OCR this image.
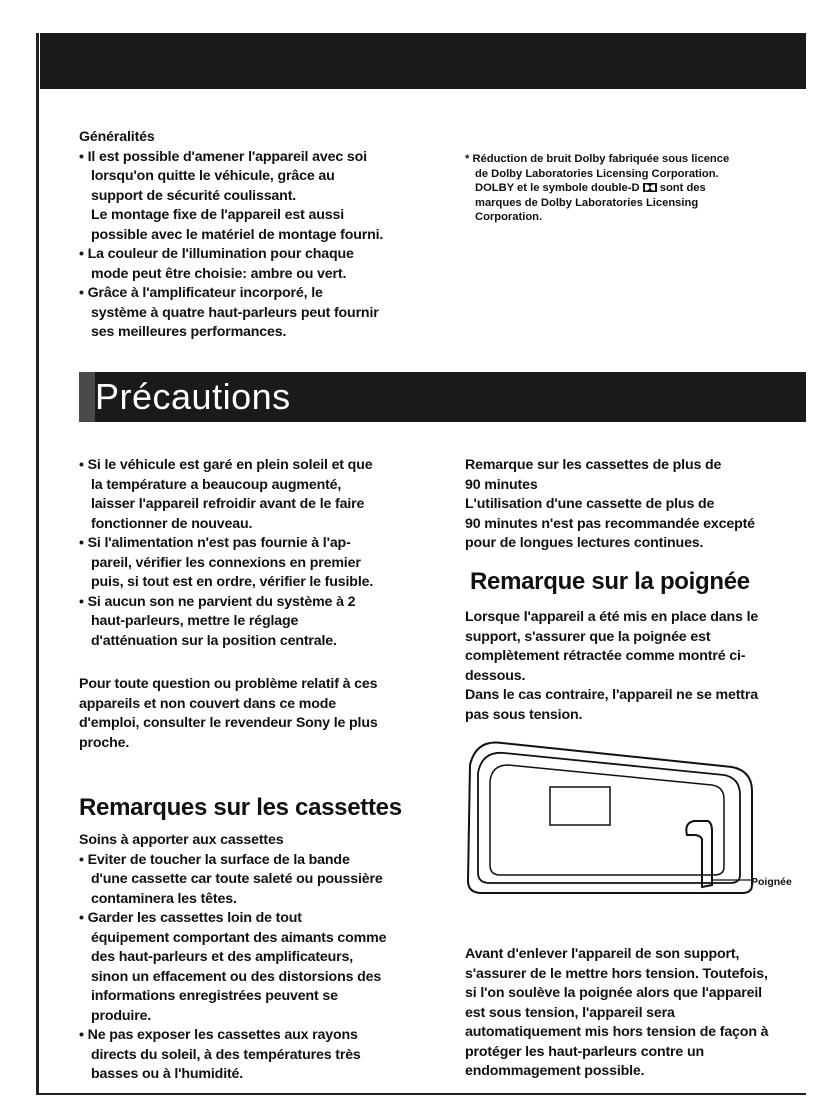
Généralités

• Il est possible d'amener l'appareil avec soi

lorsqu'on quitte le véhicule, grâce au

support de sécurité coulissant.

Le montage fixe de l'appareil est aussi

possible avec le matériel de montage fourni.

• La couleur de l'illumination pour chaque

mode peut être choisie: ambre ou vert.

• Grâce à l'amplificateur incorporé, le

système à quatre haut-parleurs peut fournir

ses meilleures performances.

* Réduction de bruit Dolby fabriquée sous licence
de Dolby Laboratories Licensing Corporation.
DOLBY et le symbole double-D sont des
marques de Dolby Laboratories Licensing
Corporation.
Précautions

• Si le véhicule est garé en plein soleil et que

la température a beaucoup augmenté,

laisser l'appareil refroidir avant de le faire

fonctionner de nouveau.

• Si l'alimentation n'est pas fournie à l'ap-

pareil, vérifier les connexions en premier

puis, si tout est en ordre, vérifier le fusible.

• Si aucun son ne parvient du système à 2

haut-parleurs, mettre le réglage

d'atténuation sur la position centrale.

Pour toute question ou problème relatif à ces

appareils et non couvert dans ce mode

d'emploi, consulter le revendeur Sony le plus

proche.

Remarques sur les cassettes

Soins à apporter aux cassettes

• Eviter de toucher la surface de la bande

d'une cassette car toute saleté ou poussière

contaminera les têtes.

• Garder les cassettes loin de tout

équipement comportant des aimants comme

des haut-parleurs et des amplificateurs,

sinon un effacement ou des distorsions des

informations enregistrées peuvent se

produire.

• Ne pas exposer les cassettes aux rayons

directs du soleil, à des températures très

basses ou à l'humidité.

Remarque sur les cassettes de plus de

90 minutes

L'utilisation d'une cassette de plus de

90 minutes n'est pas recommandée excepté

pour de longues lectures continues.

Remarque sur la poignée

Lorsque l'appareil a été mis en place dans le

support, s'assurer que la poignée est

complètement rétractée comme montré ci-

dessous.

Dans le cas contraire, l'appareil ne se mettra

pas sous tension.

Poignée

Avant d'enlever l'appareil de son support,

s'assurer de le mettre hors tension. Toutefois,

si l'on soulève la poignée alors que l'appareil

est sous tension, l'appareil sera

automatiquement mis hors tension de façon à

protéger les haut-parleurs contre un

endommagement possible.
